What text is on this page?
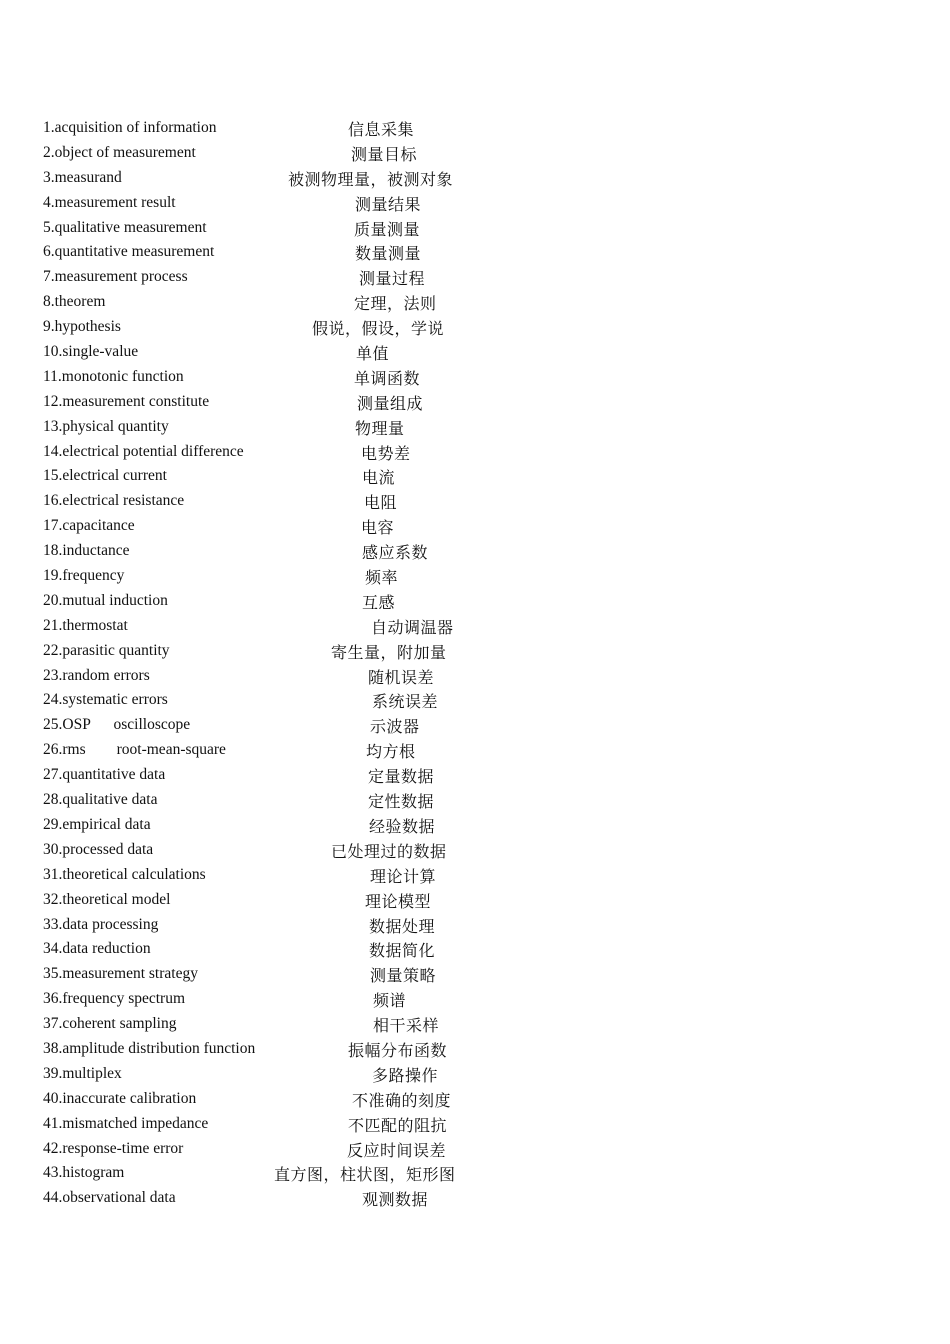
1.acquisition of information	信息采集
2.object of measurement	测量目标
3.measurand	被测物理量，被测对象
4.measurement result	测量结果
5.qualitative measurement	质量测量
6.quantitative measurement	数量测量
7.measurement process	测量过程
8.theorem	定理，法则
9.hypothesis	假说，假设，学说
10.single-value	单值
11.monotonic function	单调函数
12.measurement constitute	测量组成
13.physical quantity	物理量
14.electrical potential difference	电势差
15.electrical current	电流
16.electrical resistance	电阻
17.capacitance	电容
18.inductance	感应系数
19.frequency	频率
20.mutual induction	互感
21.thermostat	自动调温器
22.parasitic quantity	寄生量，附加量
23.random errors	随机误差
24.systematic errors	系统误差
25.OSP      oscilloscope	示波器
26.rms        root-mean-square	均方根
27.quantitative data	定量数据
28.qualitative data	定性数据
29.empirical data	经验数据
30.processed data	已处理过的数据
31.theoretical calculations	理论计算
32.theoretical model	理论模型
33.data processing	数据处理
34.data reduction	数据简化
35.measurement strategy	测量策略
36.frequency spectrum	频谱
37.coherent sampling	相干采样
38.amplitude distribution function	振幅分布函数
39.multiplex	多路操作
40.inaccurate calibration	不准确的刻度
41.mismatched impedance	不匹配的阻抗
42.response-time error	反应时间误差
43.histogram	直方图，柱状图，矩形图
44.observational data	观测数据
